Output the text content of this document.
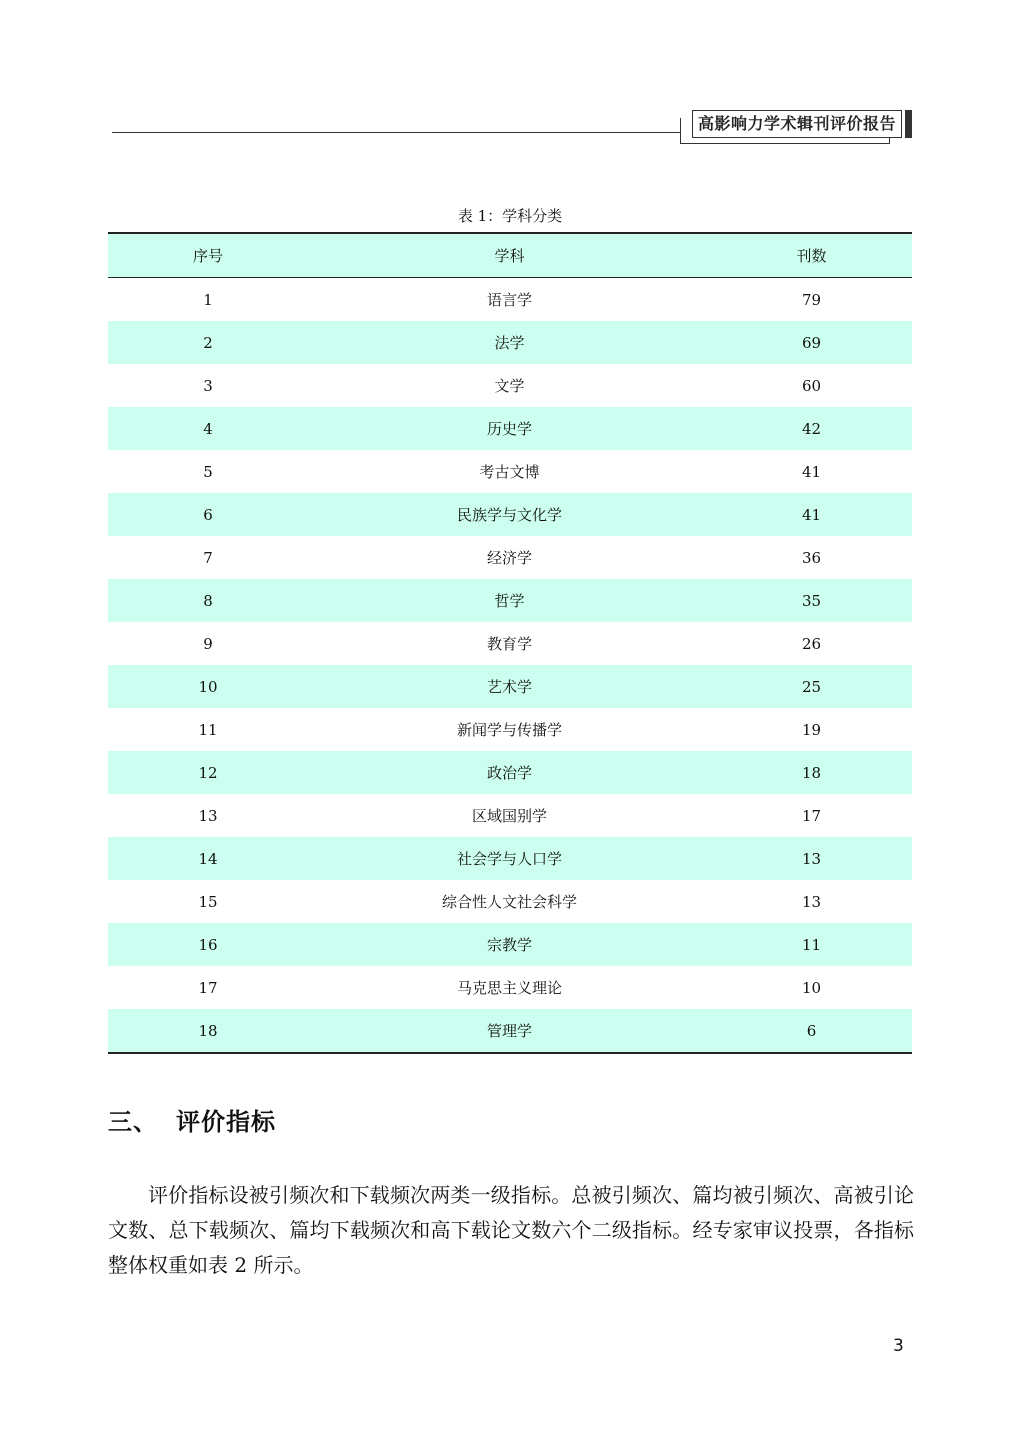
高影响力学术辑刊评价报告
表 1：学科分类
序号	学科	刊数
1	语言学	79
2	法学	69
3	文学	60
4	历史学	42
5	考古文博	41
6	民族学与文化学	41
7	经济学	36
8	哲学	35
9	教育学	26
10	艺术学	25
11	新闻学与传播学	19
12	政治学	18
13	区域国别学	17
14	社会学与人口学	13
15	综合性人文社会科学	13
16	宗教学	11
17	马克思主义理论	10
18	管理学	6
三、 评价指标
评价指标设被引频次和下载频次两类一级指标。总被引频次、篇均被引频次、高被引论文数、总下载频次、篇均下载频次和高下载论文数六个二级指标。经专家审议投票，各指标整体权重如表 2 所示。
3
